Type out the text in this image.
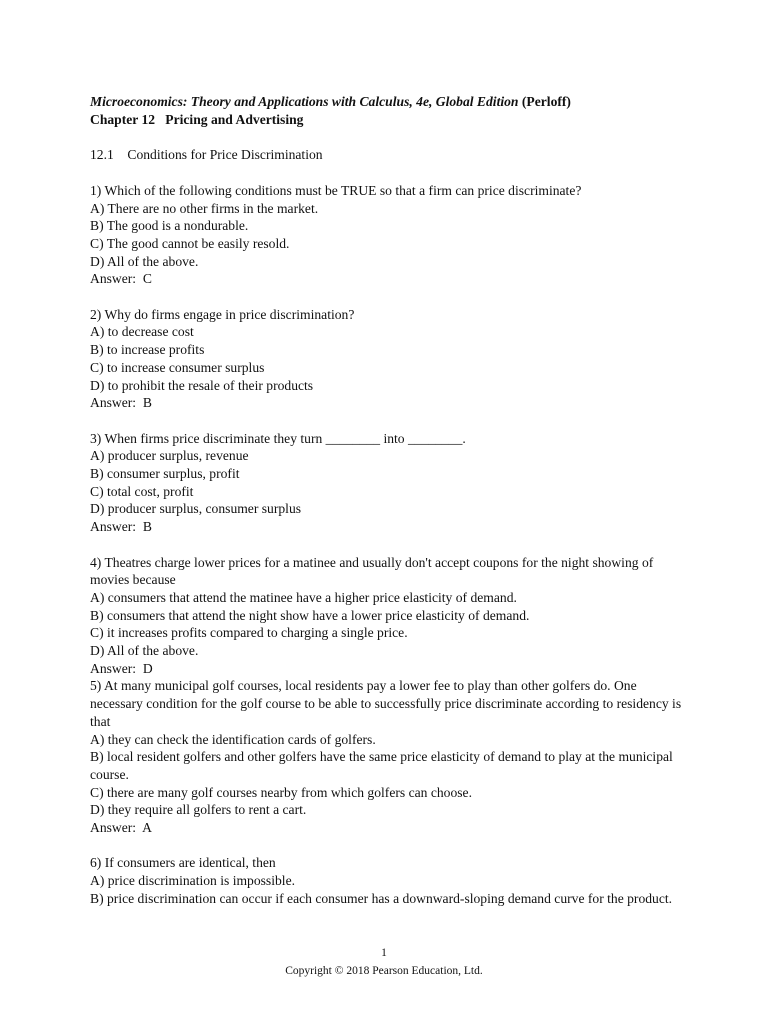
Microeconomics: Theory and Applications with Calculus, 4e, Global Edition (Perloff)
Chapter 12   Pricing and Advertising
12.1    Conditions for Price Discrimination
1) Which of the following conditions must be TRUE so that a firm can price discriminate?
A) There are no other firms in the market.
B) The good is a nondurable.
C) The good cannot be easily resold.
D) All of the above.
Answer:  C
2) Why do firms engage in price discrimination?
A) to decrease cost
B) to increase profits
C) to increase consumer surplus
D) to prohibit the resale of their products
Answer:  B
3) When firms price discriminate they turn ________ into ________.
A) producer surplus, revenue
B) consumer surplus, profit
C) total cost, profit
D) producer surplus, consumer surplus
Answer:  B
4) Theatres charge lower prices for a matinee and usually don't accept coupons for the night showing of movies because
A) consumers that attend the matinee have a higher price elasticity of demand.
B) consumers that attend the night show have a lower price elasticity of demand.
C) it increases profits compared to charging a single price.
D) All of the above.
Answer:  D
5) At many municipal golf courses, local residents pay a lower fee to play than other golfers do. One necessary condition for the golf course to be able to successfully price discriminate according to residency is that
A) they can check the identification cards of golfers.
B) local resident golfers and other golfers have the same price elasticity of demand to play at the municipal course.
C) there are many golf courses nearby from which golfers can choose.
D) they require all golfers to rent a cart.
Answer:  A
6) If consumers are identical, then
A) price discrimination is impossible.
B) price discrimination can occur if each consumer has a downward-sloping demand curve for the product.
1
Copyright © 2018 Pearson Education, Ltd.
